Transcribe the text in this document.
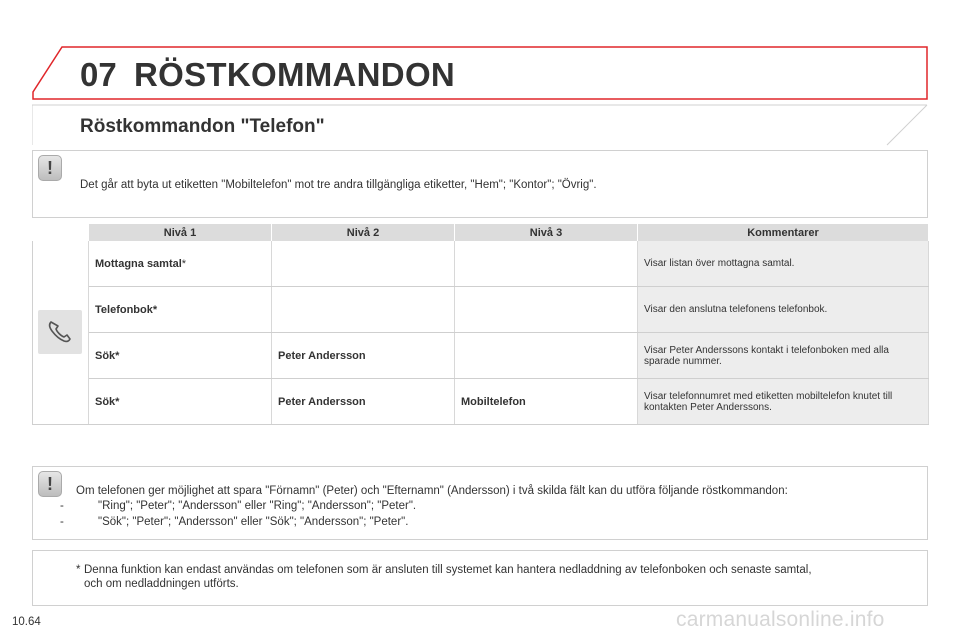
07 RÖSTKOMMANDON
Röstkommandon "Telefon"
!
Det går att byta ut etiketten "Mobiltelefon" mot tre andra tillgängliga etiketter, "Hem"; "Kontor"; "Övrig".
	Nivå 1	Nivå 2	Nivå 3	Kommentarer
	Mottagna samtal*			Visar listan över mottagna samtal.
	Telefonbok*			Visar den anslutna telefonens telefonbok.
	Sök*	Peter Andersson		Visar Peter Anderssons kontakt i telefonboken med alla sparade nummer.
	Sök*	Peter Andersson	Mobiltelefon	Visar telefonnumret med etiketten mobiltelefon knutet till kontakten Peter Anderssons.
!	Om telefonen ger möjlighet att spara "Förnamn" (Peter) och "Efternamn" (Andersson) i två skilda fält kan du utföra följande röstkommandon:
-	"Ring"; "Peter"; "Andersson" eller "Ring"; "Andersson"; "Peter".
-	"Sök"; "Peter"; "Andersson" eller "Sök"; "Andersson"; "Peter".
* Denna funktion kan endast användas om telefonen som är ansluten till systemet kan hantera nedladdning av telefonboken och senaste samtal,
och om nedladdningen utförts.
10.64	carmanualsonline.info
